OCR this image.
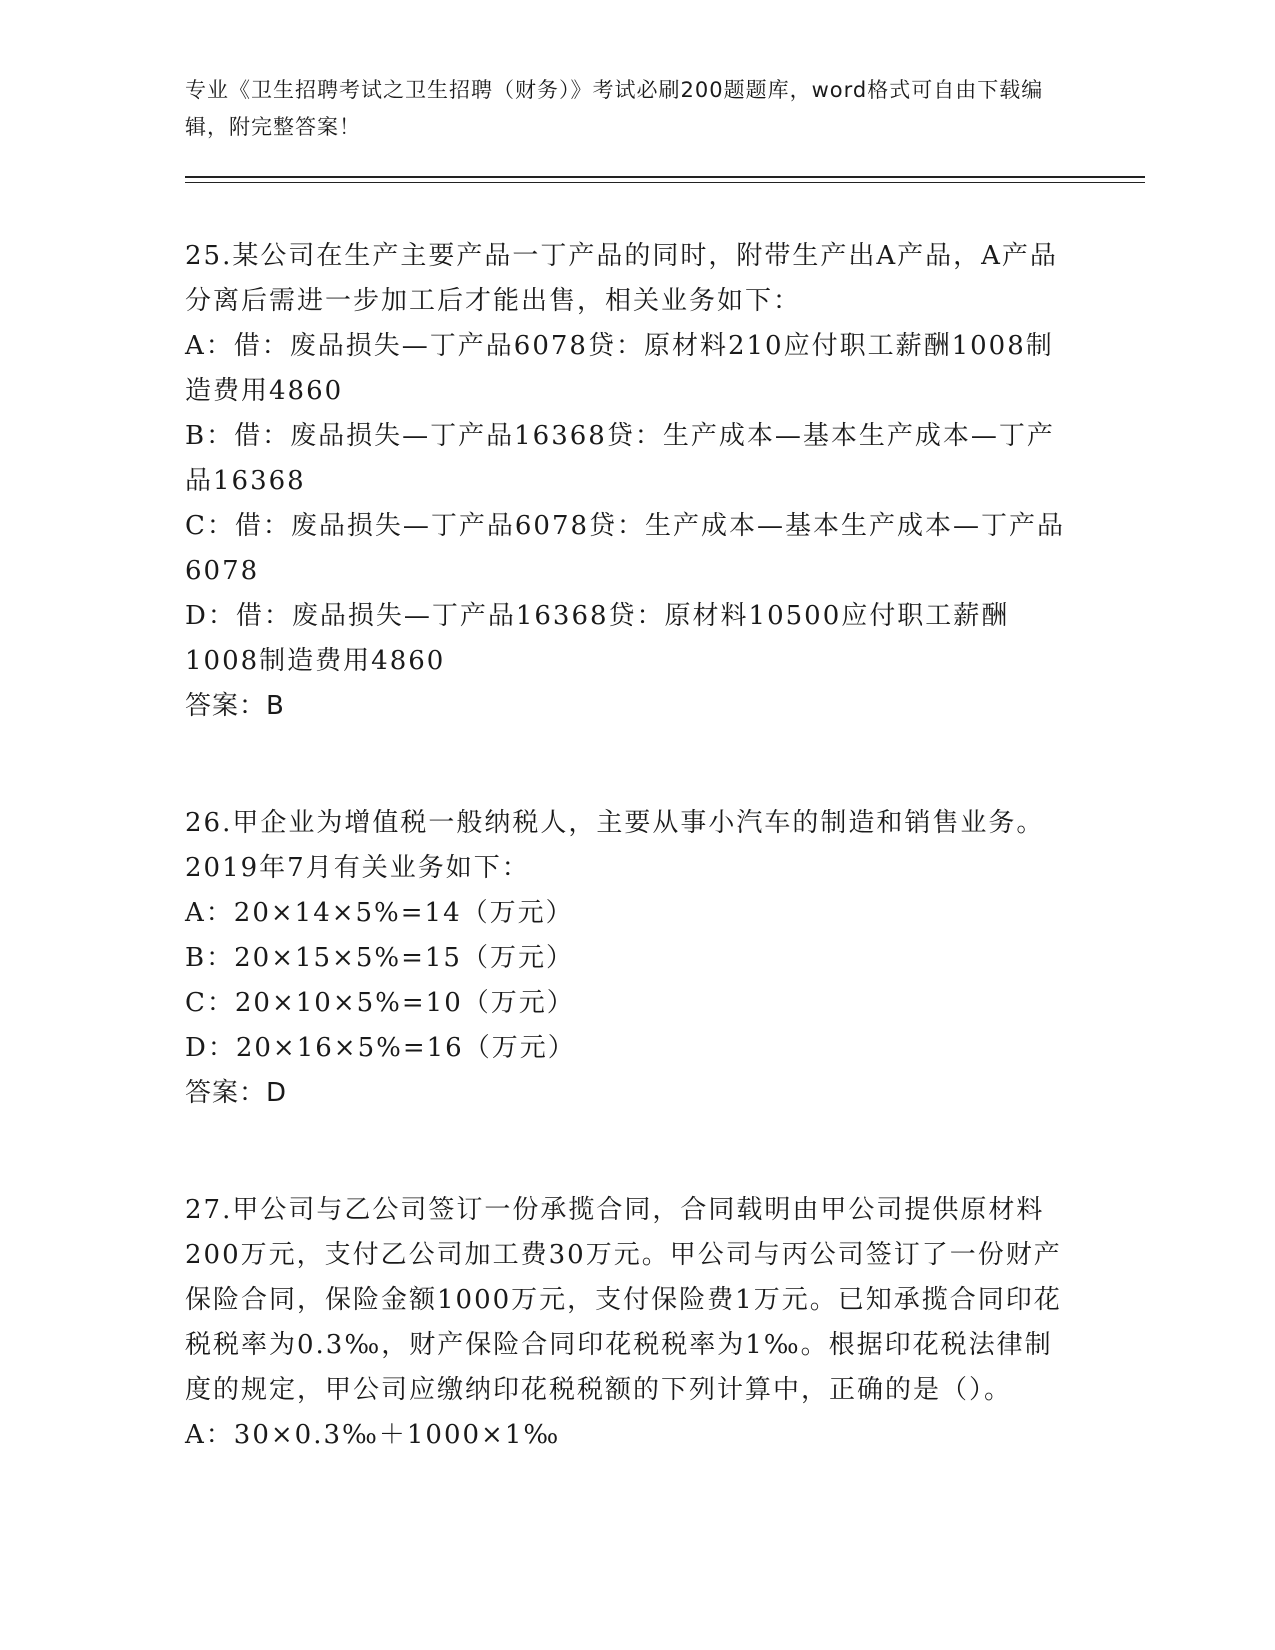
专业《卫生招聘考试之卫生招聘（财务）》考试必刷200题题库，word格式可自由下载编辑，附完整答案！

25.某公司在生产主要产品一丁产品的同时，附带生产出A产品，A产品分离后需进一步加工后才能出售，相关业务如下：

A：借：废品损失—丁产品6078贷：原材料210应付职工薪酬1008制造费用4860

B：借：废品损失—丁产品16368贷：生产成本—基本生产成本—丁产品16368

C：借：废品损失—丁产品6078贷：生产成本—基本生产成本—丁产品6078

D：借：废品损失—丁产品16368贷：原材料10500应付职工薪酬1008制造费用4860

答案：B

26.甲企业为增值税一般纳税人，主要从事小汽车的制造和销售业务。2019年7月有关业务如下：

A：20×14×5%=14（万元）

B：20×15×5%=15（万元）

C：20×10×5%=10（万元）

D：20×16×5%=16（万元）

答案：D

27.甲公司与乙公司签订一份承揽合同，合同载明由甲公司提供原材料200万元，支付乙公司加工费30万元。甲公司与丙公司签订了一份财产保险合同，保险金额1000万元，支付保险费1万元。已知承揽合同印花税税率为0.3‰，财产保险合同印花税税率为1‰。根据印花税法律制度的规定，甲公司应缴纳印花税税额的下列计算中，正确的是（）。

A：30×0.3‰＋1000×1‰
